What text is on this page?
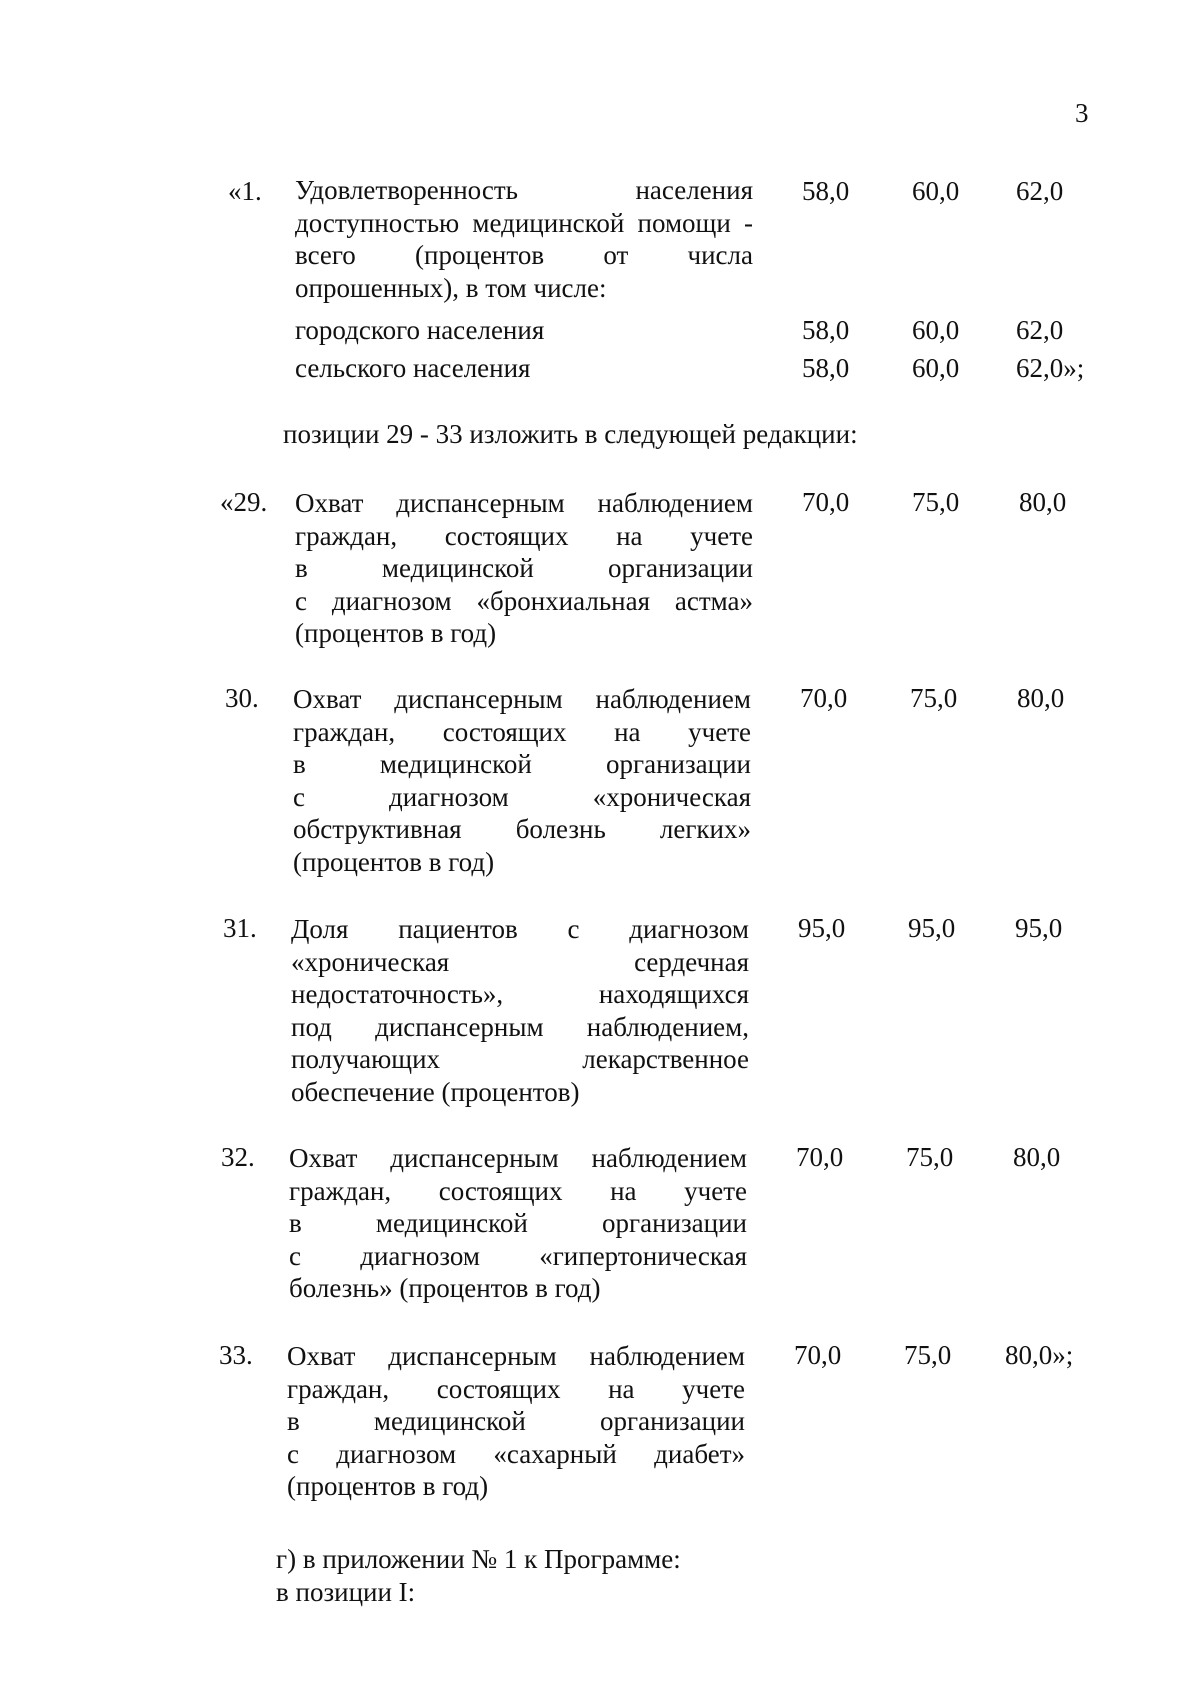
3
«1. Удовлетворенность населения
доступностью медицинской помощи -
всего (процентов от числа
опрошенных), в том числе:
58,0 60,0 62,0
городского населения	58,0 60,0 62,0
сельского населения	58,0 60,0 62,0»;
позиции 29 - 33 изложить в следующей редакции:
«29. Охват диспансерным наблюдением
граждан, состоящих на учете
в медицинской организации
с диагнозом «бронхиальная астма»
(процентов в год)
70,0 75,0 80,0
30. Охват диспансерным наблюдением
граждан, состоящих на учете
в медицинской организации
с диагнозом «хроническая
обструктивная болезнь легких»
(процентов в год)
70,0 75,0 80,0
31. Доля пациентов с диагнозом
«хроническая сердечная
недостаточность», находящихся
под диспансерным наблюдением,
получающих лекарственное
обеспечение (процентов)
95,0 95,0 95,0
32. Охват диспансерным наблюдением
граждан, состоящих на учете
в медицинской организации
с диагнозом «гипертоническая
болезнь» (процентов в год)
70,0 75,0 80,0
33. Охват диспансерным наблюдением
граждан, состоящих на учете
в медицинской организации
с диагнозом «сахарный диабет»
(процентов в год)
70,0 75,0 80,0»;
г) в приложении № 1 к Программе:
в позиции I:
